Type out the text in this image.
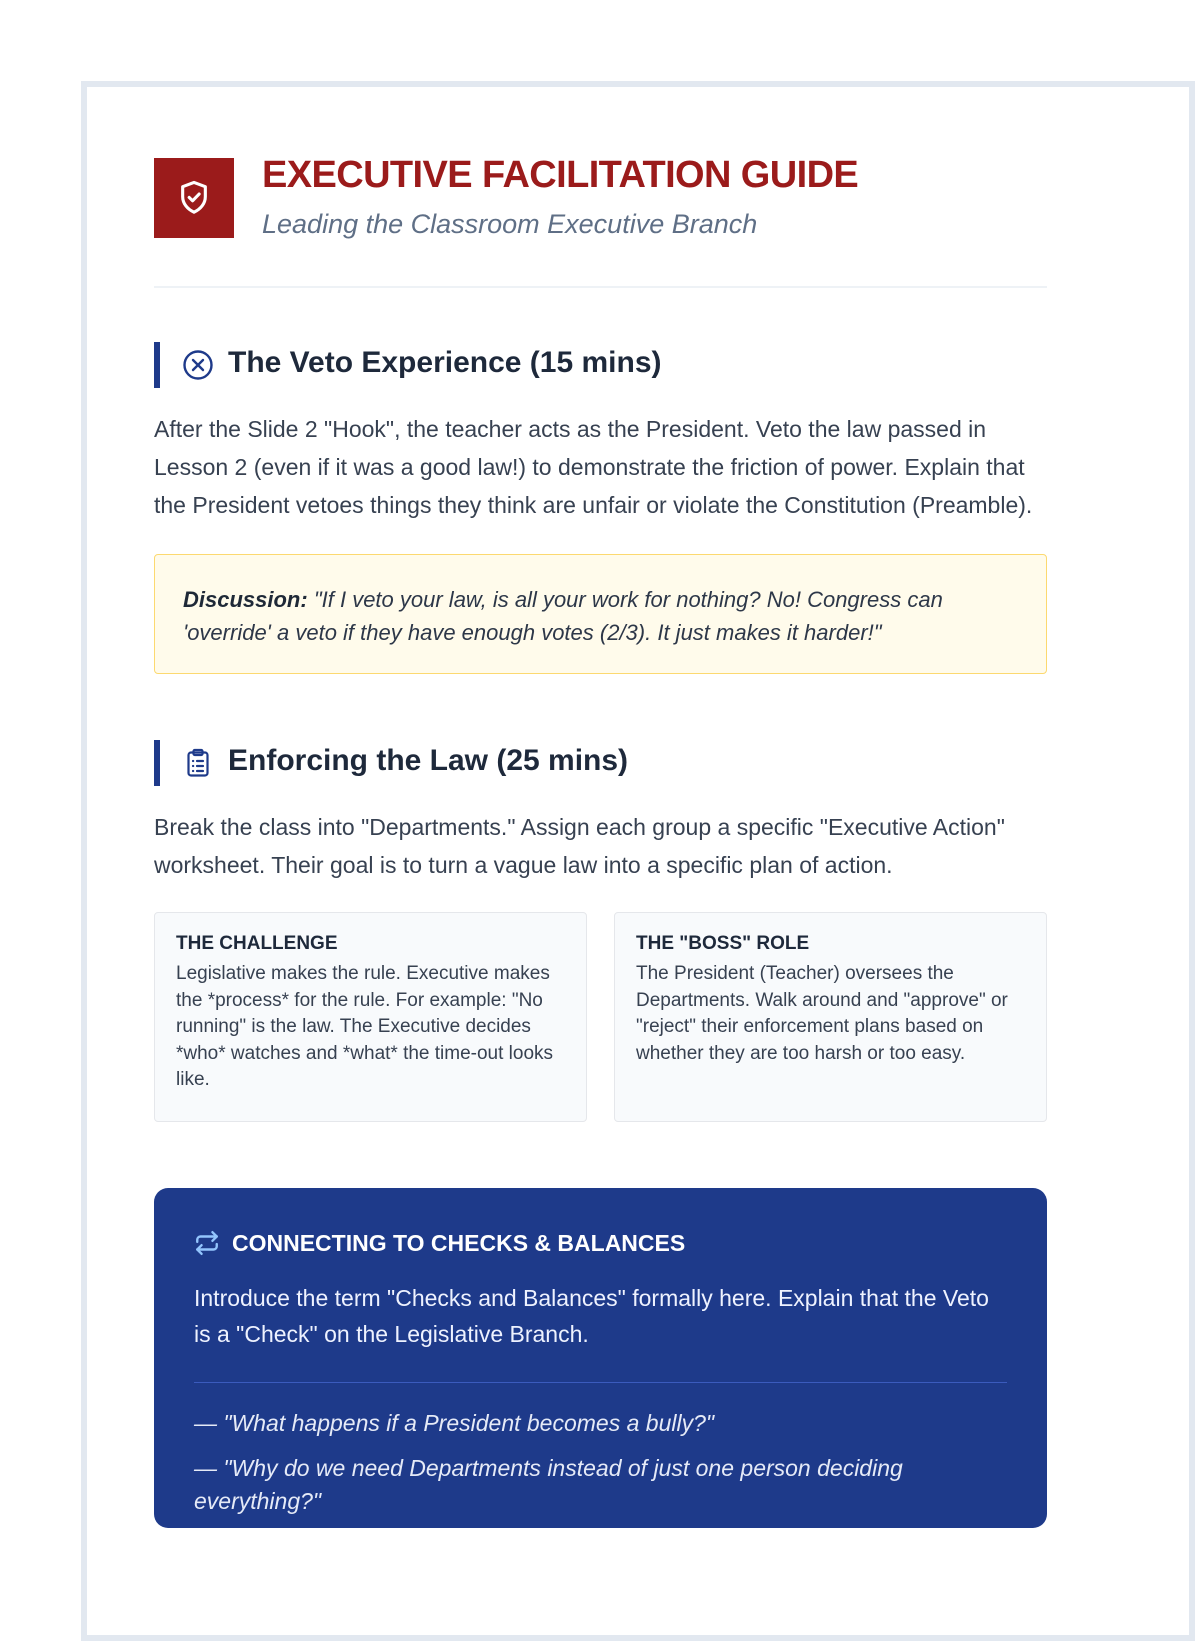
EXECUTIVE FACILITATION GUIDE
Leading the Classroom Executive Branch
The Veto Experience (15 mins)

After the Slide 2 "Hook", the teacher acts as the President. Veto the law passed in Lesson 2 (even if it was a good law!) to demonstrate the friction of power. Explain that the President vetoes things they think are unfair or violate the Constitution (Preamble).

Discussion: "If I veto your law, is all your work for nothing? No! Congress can 'override' a veto if they have enough votes (2/3). It just makes it harder!"
Enforcing the Law (25 mins)

Break the class into "Departments." Assign each group a specific "Executive Action" worksheet. Their goal is to turn a vague law into a specific plan of action.

THE CHALLENGE
Legislative makes the rule. Executive makes the *process* for the rule. For example: "No running" is the law. The Executive decides *who* watches and *what* the time-out looks like.
THE "BOSS" ROLE
The President (Teacher) oversees the Departments. Walk around and "approve" or "reject" their enforcement plans based on whether they are too harsh or too easy.
CONNECTING TO CHECKS & BALANCES
Introduce the term "Checks and Balances" formally here. Explain that the Veto is a "Check" on the Legislative Branch.
— "What happens if a President becomes a bully?"
— "Why do we need Departments instead of just one person deciding everything?"
